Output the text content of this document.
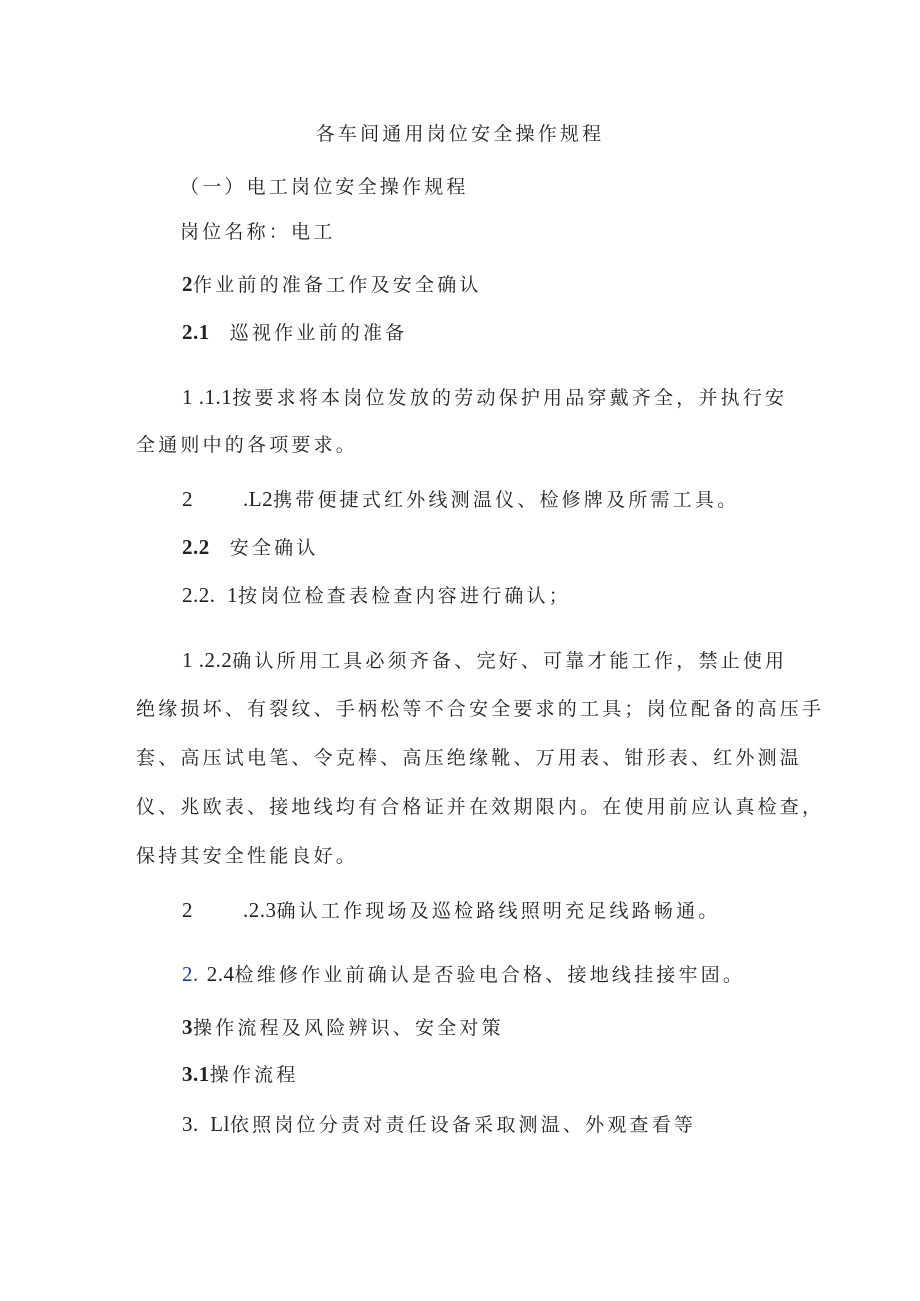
各车间通用岗位安全操作规程
（一）电工岗位安全操作规程
岗位名称：电工
2作业前的准备工作及安全确认
2.1 巡视作业前的准备
1 .1.1按要求将本岗位发放的劳动保护用品穿戴齐全，并执行安
全通则中的各项要求。
2 .L2携带便捷式红外线测温仪、检修牌及所需工具。
2.2 安全确认
2.2.  1按岗位检查表检查内容进行确认；
1 .2.2确认所用工具必须齐备、完好、可靠才能工作，禁止使用
绝缘损坏、有裂纹、手柄松等不合安全要求的工具；岗位配备的高压手
套、高压试电笔、令克棒、高压绝缘靴、万用表、钳形表、红外测温
仪、兆欧表、接地线均有合格证并在效期限内。在使用前应认真检查，
保持其安全性能良好。
2 .2.3确认工作现场及巡检路线照明充足线路畅通。
2. 2.4检维修作业前确认是否验电合格、接地线挂接牢固。
3操作流程及风险辨识、安全对策
3.1操作流程
3.  Ll依照岗位分责对责任设备采取测温、外观查看等
